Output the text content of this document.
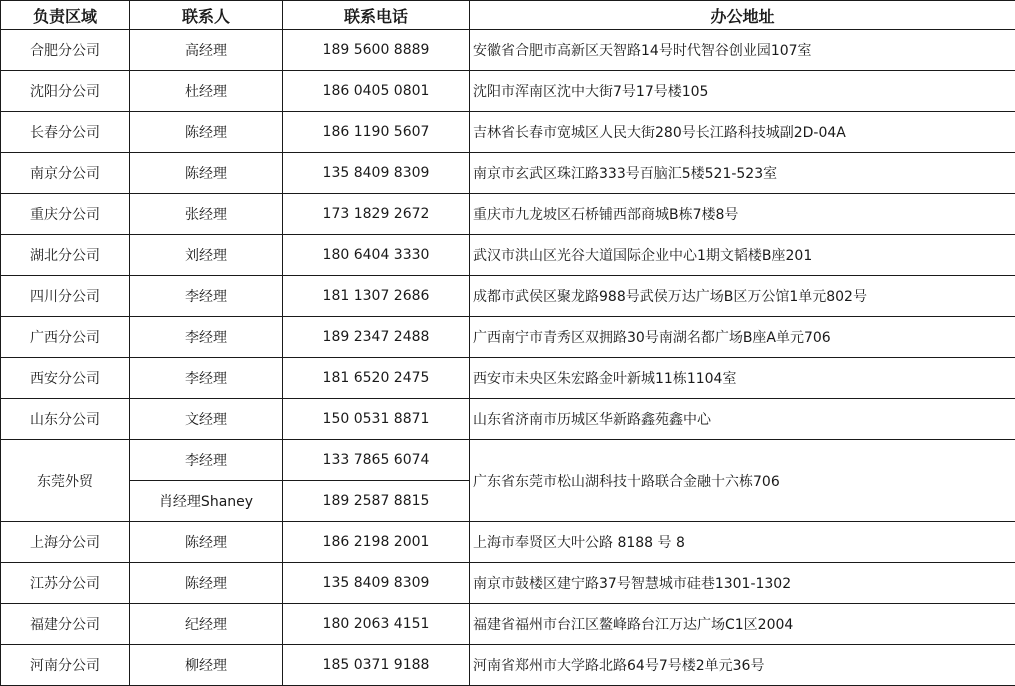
负责区域	联系人	联系电话	办公地址
合肥分公司	高经理	189 5600 8889	安徽省合肥市高新区天智路14号时代智谷创业园107室
沈阳分公司	杜经理	186 0405 0801	沈阳市浑南区沈中大街7号17号楼105
长春分公司	陈经理	186 1190 5607	吉林省长春市宽城区人民大街280号长江路科技城副2D-04A
南京分公司	陈经理	135 8409 8309	南京市玄武区珠江路333号百脑汇5楼521-523室
重庆分公司	张经理	173 1829 2672	重庆市九龙坡区石桥铺西部商城B栋7楼8号
湖北分公司	刘经理	180 6404 3330	武汉市洪山区光谷大道国际企业中心1期文韬楼B座201
四川分公司	李经理	181 1307 2686	成都市武侯区聚龙路988号武侯万达广场B区万公馆1单元802号
广西分公司	李经理	189 2347 2488	广西南宁市青秀区双拥路30号南湖名都广场B座A单元706
西安分公司	李经理	181 6520 2475	西安市未央区朱宏路金叶新城11栋1104室
山东分公司	文经理	150 0531 8871	山东省济南市历城区华新路鑫苑鑫中心
东莞外贸	李经理	133 7865 6074	广东省东莞市松山湖科技十路联合金融十六栋706
	肖经理Shaney	189 2587 8815	
上海分公司	陈经理	186 2198 2001	上海市奉贤区大叶公路 8188 号 8
江苏分公司	陈经理	135 8409 8309	南京市鼓楼区建宁路37号智慧城市硅巷1301-1302
福建分公司	纪经理	180 2063 4151	福建省福州市台江区鳌峰路台江万达广场C1区2004
河南分公司	柳经理	185 0371 9188	河南省郑州市大学路北路64号7号楼2单元36号
